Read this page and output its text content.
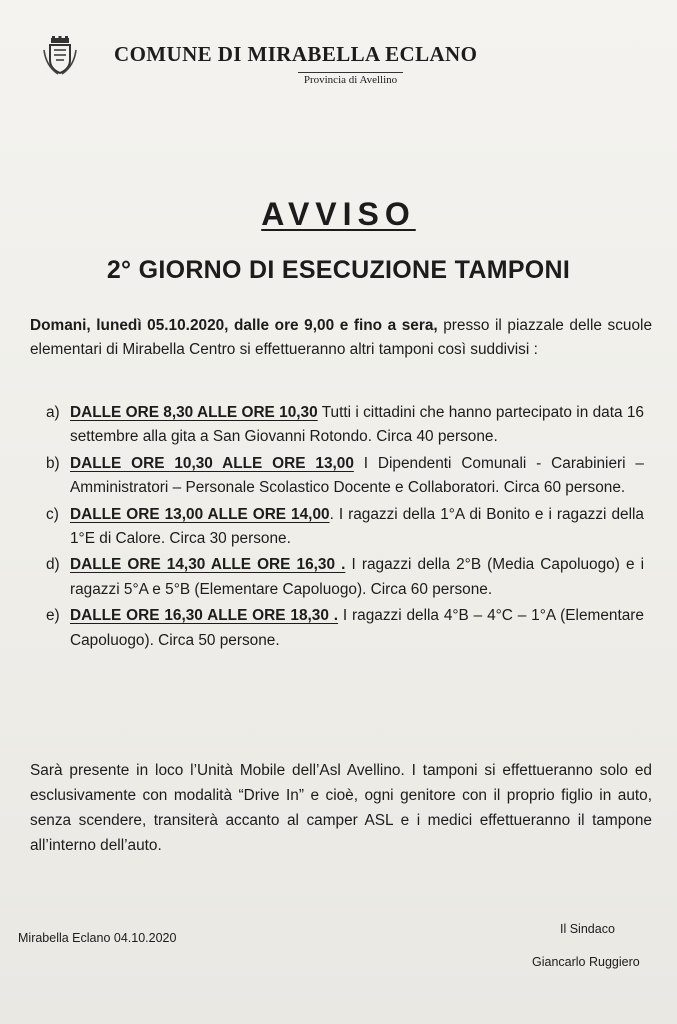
COMUNE DI MIRABELLA ECLANO
Provincia di Avellino
AVVISO
2° GIORNO DI ESECUZIONE TAMPONI
Domani, lunedì 05.10.2020, dalle ore 9,00 e fino a sera, presso il piazzale delle scuole elementari di Mirabella Centro si effettueranno altri tamponi così suddivisi :
a) DALLE ORE 8,30 ALLE ORE 10,30 Tutti i cittadini che hanno partecipato in data 16 settembre alla gita a San Giovanni Rotondo. Circa 40 persone.
b) DALLE ORE 10,30 ALLE ORE 13,00 I Dipendenti Comunali - Carabinieri – Amministratori – Personale Scolastico Docente e Collaboratori. Circa 60 persone.
c) DALLE ORE 13,00 ALLE ORE 14,00. I ragazzi della 1°A di Bonito e i ragazzi della 1°E di Calore. Circa 30 persone.
d) DALLE ORE 14,30 ALLE ORE 16,30 . I ragazzi della 2°B (Media Capoluogo) e i ragazzi 5°A e 5°B (Elementare Capoluogo). Circa 60 persone.
e) DALLE ORE 16,30 ALLE ORE 18,30 . I ragazzi della 4°B – 4°C – 1°A (Elementare Capoluogo). Circa 50 persone.
Sarà presente in loco l’Unità Mobile dell’Asl Avellino. I tamponi si effettueranno solo ed esclusivamente con modalità “Drive In” e cioè, ogni genitore con il proprio figlio in auto, senza scendere, transiterà accanto al camper ASL e i medici effettueranno il tampone all’interno dell’auto.
Mirabella Eclano 04.10.2020
Il Sindaco
Giancarlo Ruggiero
